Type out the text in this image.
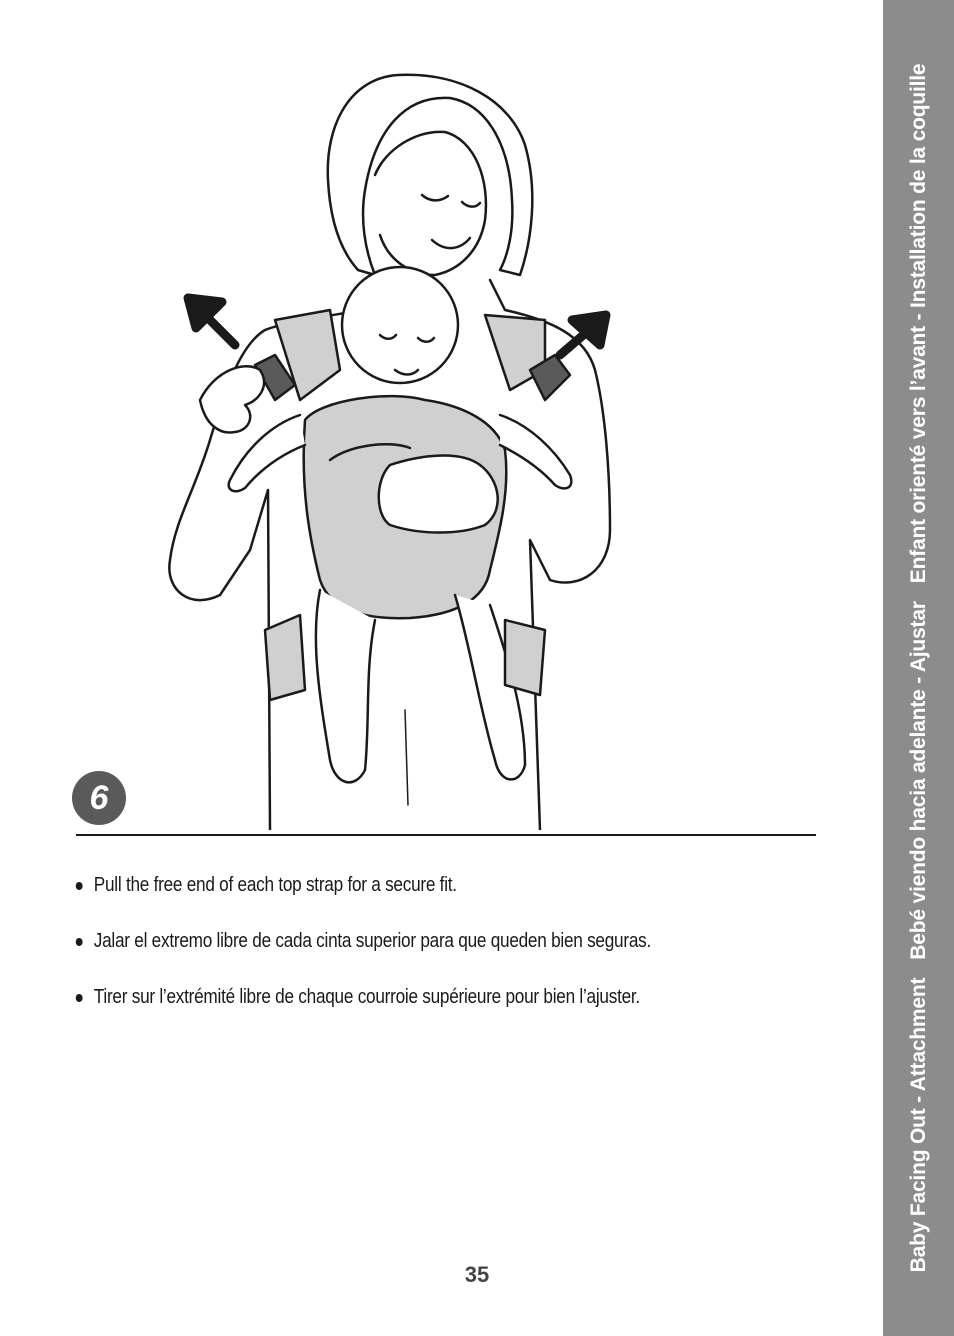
Baby Facing Out - AttachmentBebé viendo hacia adelante - AjustarEnfant orienté vers l’avant - Installation de la coquille
6
Pull the free end of each top strap for a secure fit.
Jalar el extremo libre de cada cinta superior para que queden bien seguras.
Tirer sur l’extrémité libre de chaque courroie supérieure pour bien l’ajuster.
35
